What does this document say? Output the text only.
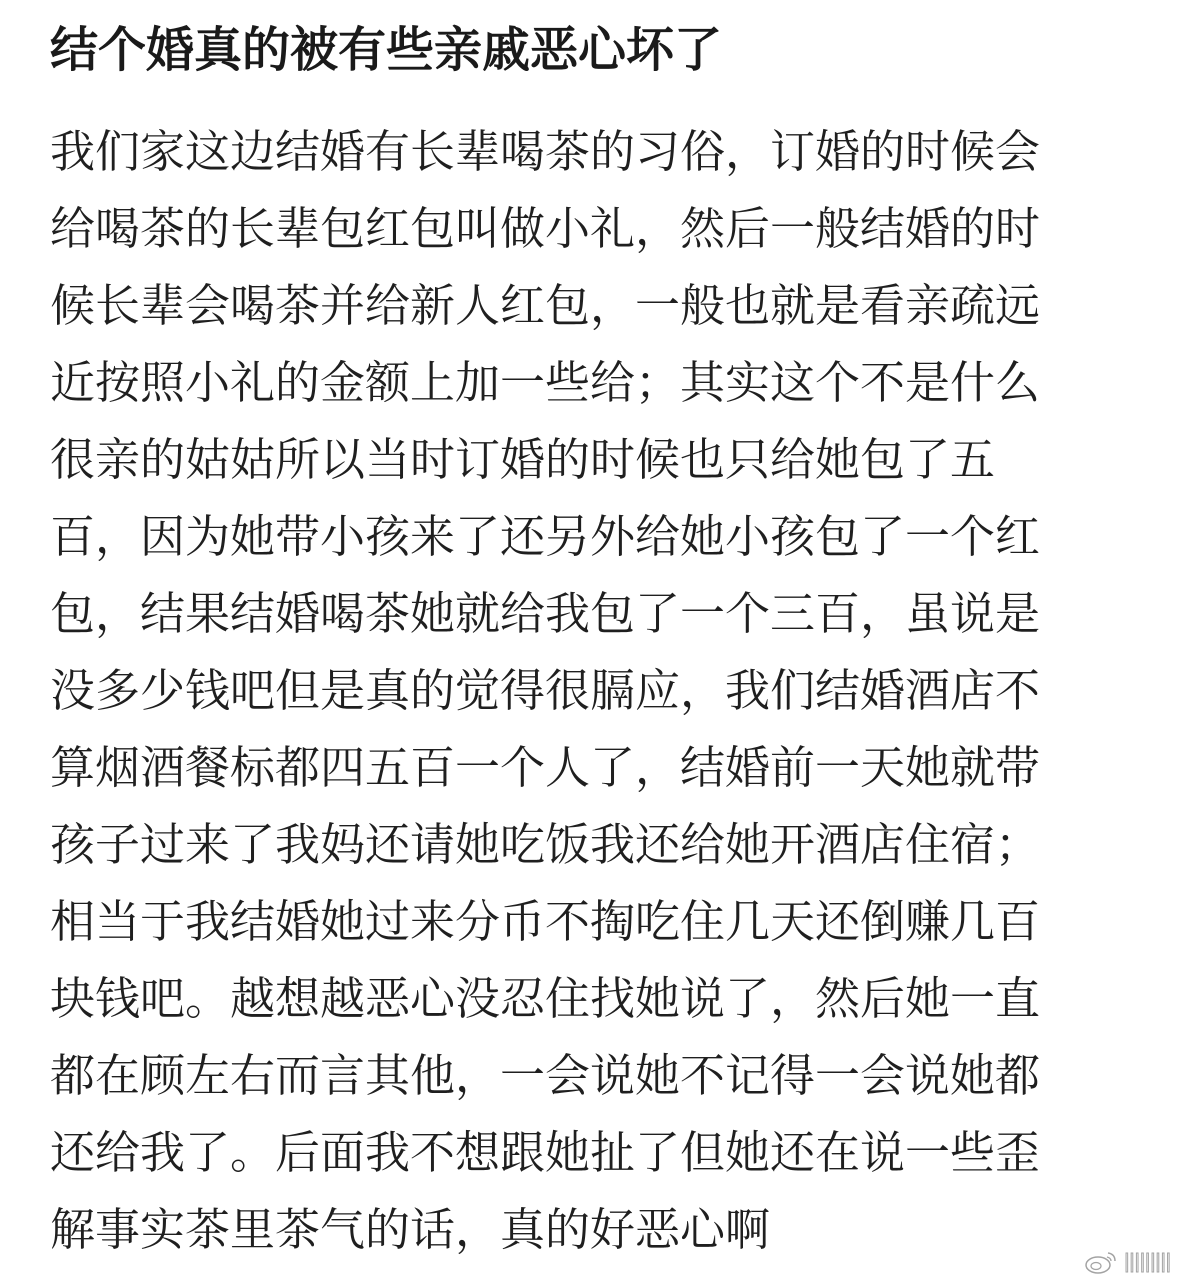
结个婚真的被有些亲戚恶心坏了
我们家这边结婚有长辈喝茶的习俗，订婚的时候会
给喝茶的长辈包红包叫做小礼，然后一般结婚的时
候长辈会喝茶并给新人红包，一般也就是看亲疏远
近按照小礼的金额上加一些给；其实这个不是什么
很亲的姑姑所以当时订婚的时候也只给她包了五
百，因为她带小孩来了还另外给她小孩包了一个红
包，结果结婚喝茶她就给我包了一个三百，虽说是
没多少钱吧但是真的觉得很膈应，我们结婚酒店不
算烟酒餐标都四五百一个人了，结婚前一天她就带
孩子过来了我妈还请她吃饭我还给她开酒店住宿；
相当于我结婚她过来分币不掏吃住几天还倒赚几百
块钱吧。越想越恶心没忍住找她说了，然后她一直
都在顾左右而言其他，一会说她不记得一会说她都
还给我了。后面我不想跟她扯了但她还在说一些歪
解事实茶里茶气的话，真的好恶心啊
|||||||||
